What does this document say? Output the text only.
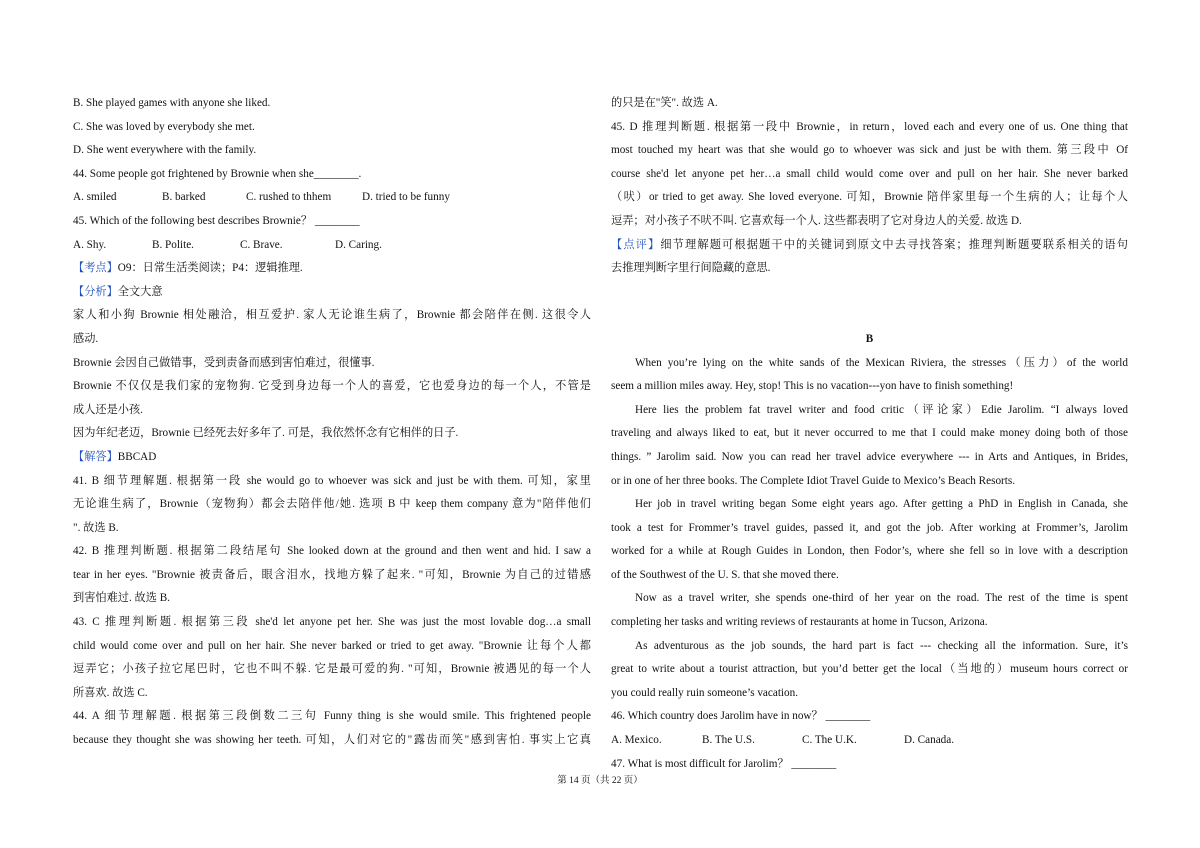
B. She played games with anyone she liked.
C. She was loved by everybody she met.
D. She went everywhere with the family.
44. Some people got frightened by Brownie when she________.
A. smiled	B. barked	C. rushed to thhem	D. tried to be funny
45. Which of the following best describes Brownie？ ________
A. Shy.	B. Polite.	C. Brave.	D. Caring.
【考点】O9：日常生活类阅读；P4：逻辑推理.
【分析】全文大意
家人和小狗 Brownie 相处融洽，相互爱护. 家人无论谁生病了，Brownie 都会陪伴在侧. 这很令人
感动.
Brownie 会因自己做错事，受到责备而感到害怕难过，很懂事.
Brownie 不仅仅是我们家的宠物狗. 它受到身边每一个人的喜爱，它也爱身边的每一个人，不管是
成人还是小孩.
因为年纪老迈，Brownie 已经死去好多年了. 可是，我依然怀念有它相伴的日子.
【解答】BBCAD
41. B 细节理解题. 根据第一段 she would go to whoever was sick and just be with them. 可知，家里
无论谁生病了，Brownie（宠物狗）都会去陪伴他/她. 选项 B 中 keep them company 意为"陪伴他们
". 故选 B.
42. B 推理判断题. 根据第二段结尾句 She looked down at the ground and then went and hid. I saw a
tear in her eyes. "Brownie 被责备后，眼含泪水，找地方躲了起来. "可知，Brownie 为自己的过错感
到害怕难过. 故选 B.
43. C 推理判断题. 根据第三段 she'd let anyone pet her. She was just the most lovable dog…a small
child would come over and pull on her hair. She never barked or tried to get away. "Brownie 让每个人都
逗弄它；小孩子拉它尾巴时，它也不叫不躲. 它是最可爱的狗. "可知，Brownie 被遇见的每一个人
所喜欢. 故选 C.
44. A 细节理解题. 根据第三段倒数二三句 Funny thing is she would smile. This frightened people
because they thought she was showing her teeth. 可知，人们对它的"露齿而笑"感到害怕. 事实上它真
的只是在"笑". 故选 A.
45. D 推理判断题. 根据第一段中 Brownie，in return，loved each and every one of us. One thing that
most touched my heart was that she would go to whoever was sick and just be with them. 第三段中 Of
course she'd let anyone pet her…a small child would come over and pull on her hair. She never barked
（吠）or tried to get away. She loved everyone. 可知，Brownie 陪伴家里每一个生病的人；让每个人
逗弄；对小孩子不吠不叫. 它喜欢每一个人. 这些都表明了它对身边人的关爱. 故选 D.
【点评】细节理解题可根据题干中的关键词到原文中去寻找答案；推理判断题要联系相关的语句
去推理判断字里行间隐藏的意思.
B
When you’re lying on the white sands of the Mexican Riviera, the stresses（压力）of the world
seem a million miles away. Hey, stop! This is no vacation---yon have to finish something!
Here lies the problem fat travel writer and food critic（评论家）Edie Jarolim. “I always loved
traveling and always liked to eat, but it never occurred to me that I could make money doing both of those
things. ” Jarolim said. Now you can read her travel advice everywhere --- in Arts and Antiques, in Brides,
or in one of her three books. The Complete Idiot Travel Guide to Mexico’s Beach Resorts.
Her job in travel writing began Some eight years ago. After getting a PhD in English in Canada, she
took a test for Frommer’s travel guides, passed it, and got the job. After working at Frommer’s, Jarolim
worked for a while at Rough Guides in London, then Fodor’s, where she fell so in love with a description
of the Southwest of the U. S. that she moved there.
Now as a travel writer, she spends one-third of her year on the road. The rest of the time is spent
completing her tasks and writing reviews of restaurants at home in Tucson, Arizona.
As adventurous as the job sounds, the hard part is fact --- checking all the information. Sure, it’s
great to write about a tourist attraction, but you’d better get the local（当地的）museum hours correct or
you could really ruin someone’s vacation.
46. Which country does Jarolim have in now？ ________
A. Mexico.	B. The U.S.	C. The U.K.	D. Canada.
47. What is most difficult for Jarolim？ ________
第 14 页（共 22 页）
